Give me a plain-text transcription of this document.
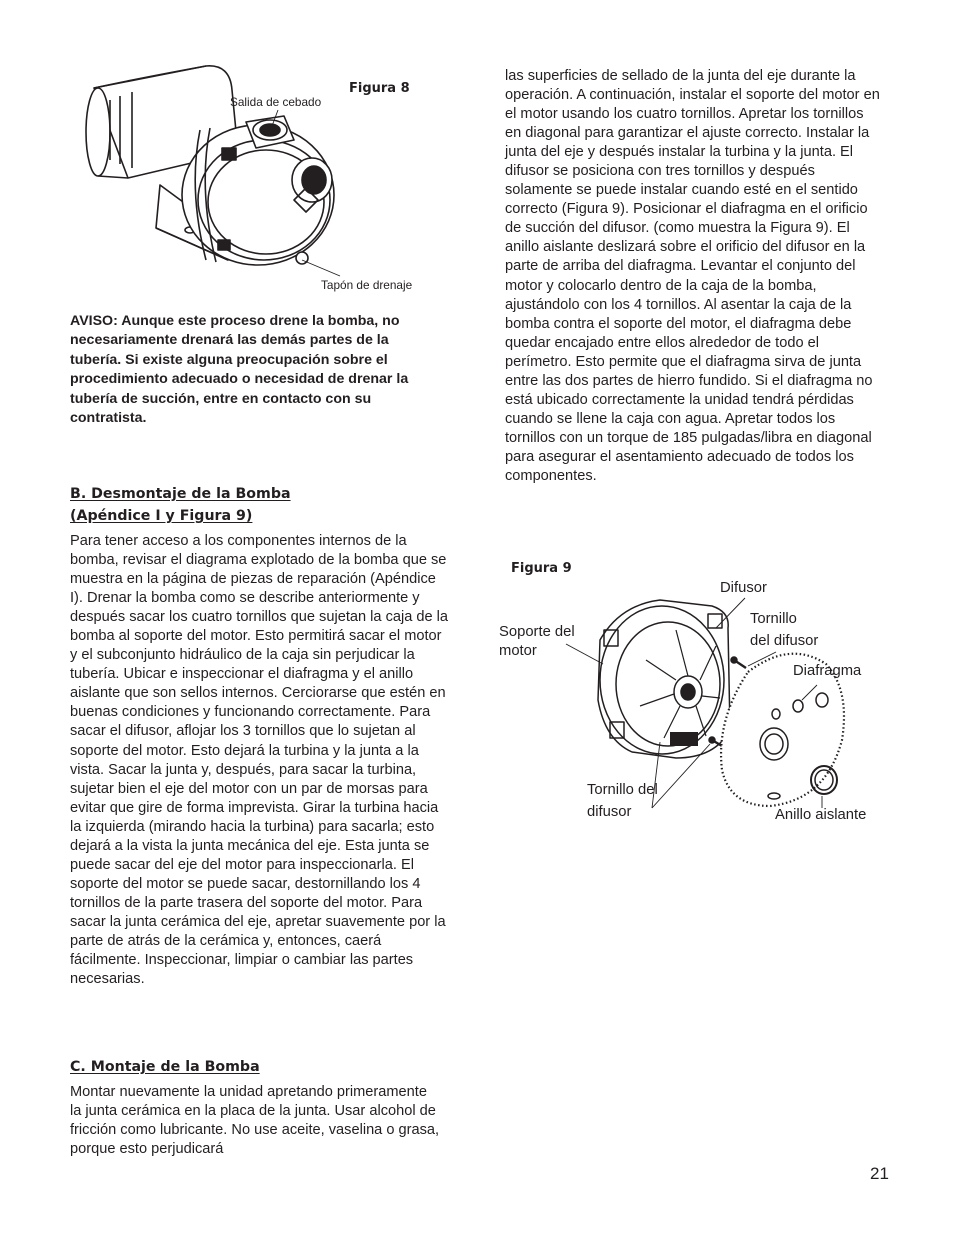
Figura 8
Salida de cebado
Tapón de drenaje

AVISO: Aunque este proceso drene la bomba, no necesariamente drenará las demás partes de la tubería. Si existe alguna preocupación sobre el procedimiento adecuado o necesidad de drenar la tubería de succión, entre en contacto con su contratista.

B. Desmontaje de la Bomba
(Apéndice I y Figura 9)

Para tener acceso a los componentes internos de la bomba, revisar el diagrama explotado de la bomba que se muestra en la página de piezas de reparación (Apéndice I). Drenar la bomba como se describe anteriormente y después sacar los cuatro tornillos que sujetan la caja de la bomba al soporte del motor. Esto permitirá sacar el motor y el subconjunto hidráulico de la caja sin perjudicar la tubería. Ubicar e inspeccionar el diafragma y el anillo aislante que son sellos internos. Cerciorarse que estén en buenas condiciones y funcionando correctamente. Para sacar el difusor, aflojar los 3 tornillos que lo sujetan al soporte del motor. Esto dejará la turbina y la junta a la vista. Sacar la junta y, después, para sacar la turbina, sujetar bien el eje del motor con un par de morsas para evitar que gire de forma imprevista. Girar la turbina hacia la izquierda (mirando hacia la turbina) para sacarla; esto dejará a la vista la junta mecánica del eje. Esta junta se puede sacar del eje del motor para inspeccionarla. El soporte del motor se puede sacar, destornillando los 4 tornillos de la parte trasera del soporte del motor. Para sacar la junta cerámica del eje, apretar suavemente por la parte de atrás de la cerámica y, entonces, caerá fácilmente. Inspeccionar, limpiar o cambiar las partes necesarias.

C. Montaje de la Bomba

Montar nuevamente la unidad apretando primeramente la junta cerámica en la placa de la junta. Usar alcohol de fricción como lubricante. No use aceite, vaselina o grasa, porque esto perjudicará

las superficies de sellado de la junta del eje durante la operación. A continuación, instalar el soporte del motor en el motor usando los cuatro tornillos. Apretar los tornillos en diagonal para garantizar el ajuste correcto. Instalar la junta del eje y después instalar la turbina y la junta. El difusor se posiciona con tres tornillos y después solamente se puede instalar cuando esté en el sentido correcto (Figura 9). Posicionar el diafragma en el orificio de succión del difusor. (como muestra la Figura 9). El anillo aislante deslizará sobre el orificio del difusor en la parte de arriba del diafragma. Levantar el conjunto del motor y colocarlo dentro de la caja de la bomba, ajustándolo con los 4 tornillos. Al asentar la caja de la bomba contra el soporte del motor, el diafragma debe quedar encajado entre ellos alrededor de todo el perímetro. Esto permite que el diafragma sirva de junta entre las dos partes de hierro fundido. Si el diafragma no está ubicado correctamente la unidad tendrá pérdidas cuando se llene la caja con agua. Apretar todos los tornillos con un torque de 185 pulgadas/libra en diagonal para asegurar el asentamiento adecuado de todos los componentes.

Figura 9
Difusor
Tornillo
del difusor
Soporte del
motor
Diafragma
Tornillo del
difusor	Anillo aislante
21
